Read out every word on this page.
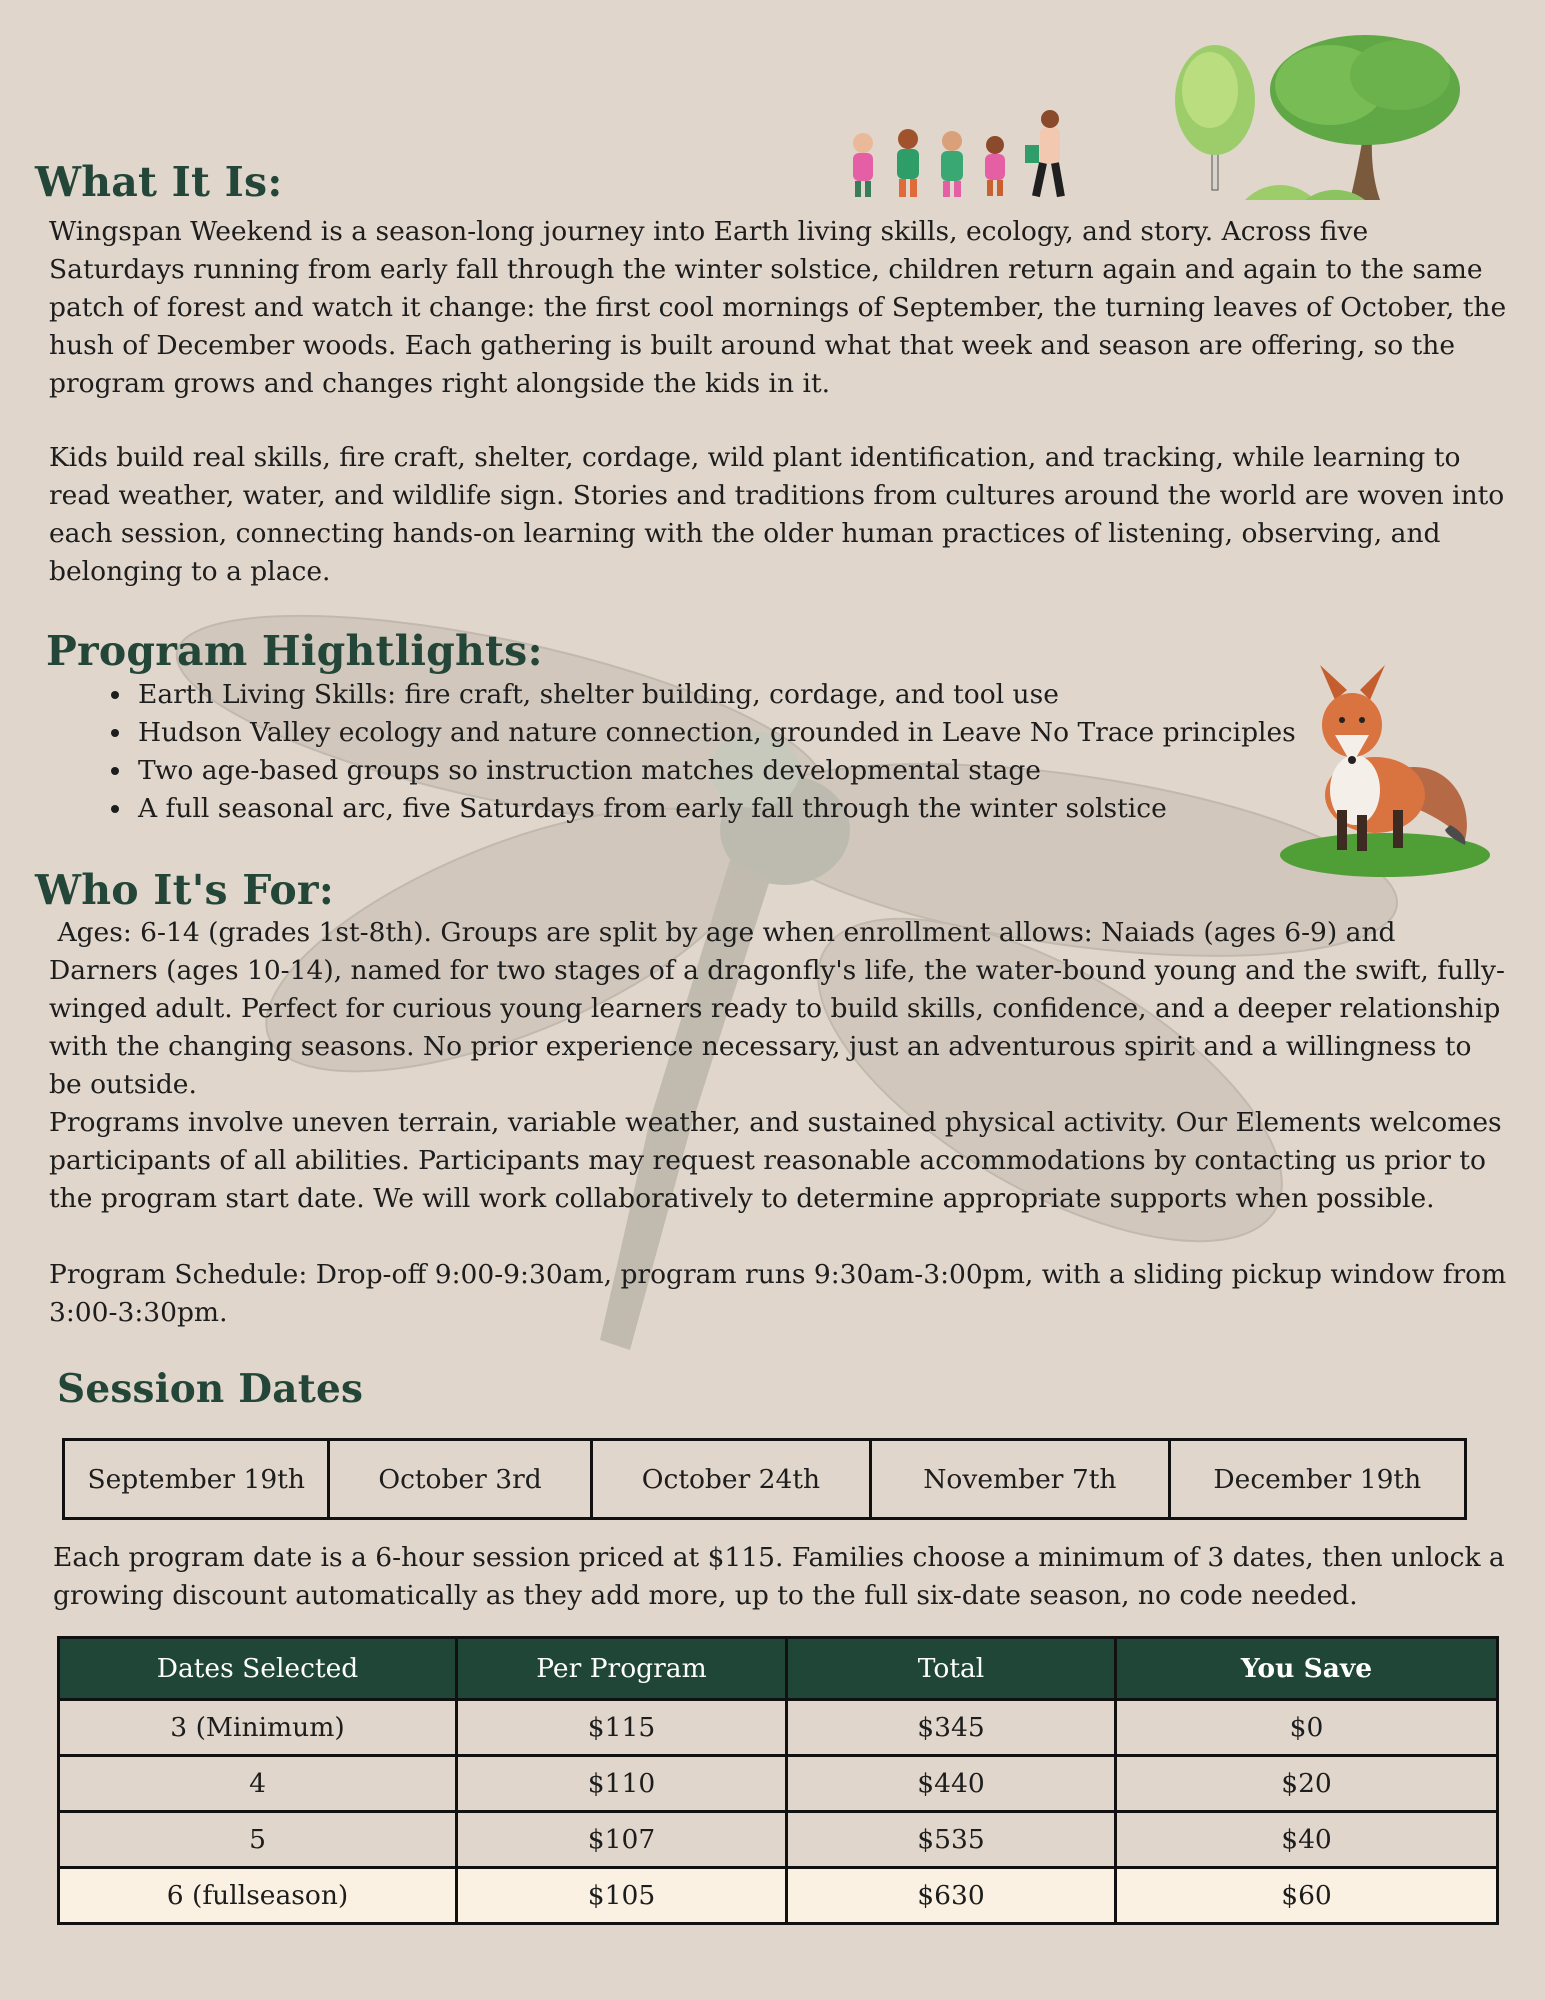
What It Is:

Wingspan Weekend is a season-long journey into Earth living skills, ecology, and story. Across five Saturdays running from early fall through the winter solstice, children return again and again to the same patch of forest and watch it change: the first cool mornings of September, the turning leaves of October, the hush of December woods. Each gathering is built around what that week and season are offering, so the program grows and changes right alongside the kids in it.

Kids build real skills, fire craft, shelter, cordage, wild plant identification, and tracking, while learning to read weather, water, and wildlife sign. Stories and traditions from cultures around the world are woven into each session, connecting hands-on learning with the older human practices of listening, observing, and belonging to a place.

Program Hightlights:
• Earth Living Skills: fire craft, shelter building, cordage, and tool use
• Hudson Valley ecology and nature connection, grounded in Leave No Trace principles
• Two age-based groups so instruction matches developmental stage
• A full seasonal arc, five Saturdays from early fall through the winter solstice
Who It's For:

Ages: 6-14 (grades 1st-8th). Groups are split by age when enrollment allows: Naiads (ages 6-9) and Darners (ages 10-14), named for two stages of a dragonfly's life, the water-bound young and the swift, fully-winged adult. Perfect for curious young learners ready to build skills, confidence, and a deeper relationship with the changing seasons. No prior experience necessary, just an adventurous spirit and a willingness to be outside.

Programs involve uneven terrain, variable weather, and sustained physical activity. Our Elements welcomes participants of all abilities. Participants may request reasonable accommodations by contacting us prior to the program start date. We will work collaboratively to determine appropriate supports when possible.

Program Schedule: Drop-off 9:00-9:30am, program runs 9:30am-3:00pm, with a sliding pickup window from 3:00-3:30pm.

Session Dates
September 19th	October 3rd	October 24th	November 7th	December 19th

Each program date is a 6-hour session priced at $115. Families choose a minimum of 3 dates, then unlock a growing discount automatically as they add more, up to the full six-date season, no code needed.

Dates Selected	Per Program	Total	You Save
3 (Minimum)	$115	$345	$0
4	$110	$440	$20
5	$107	$535	$40
6 (fullseason)	$105	$630	$60
